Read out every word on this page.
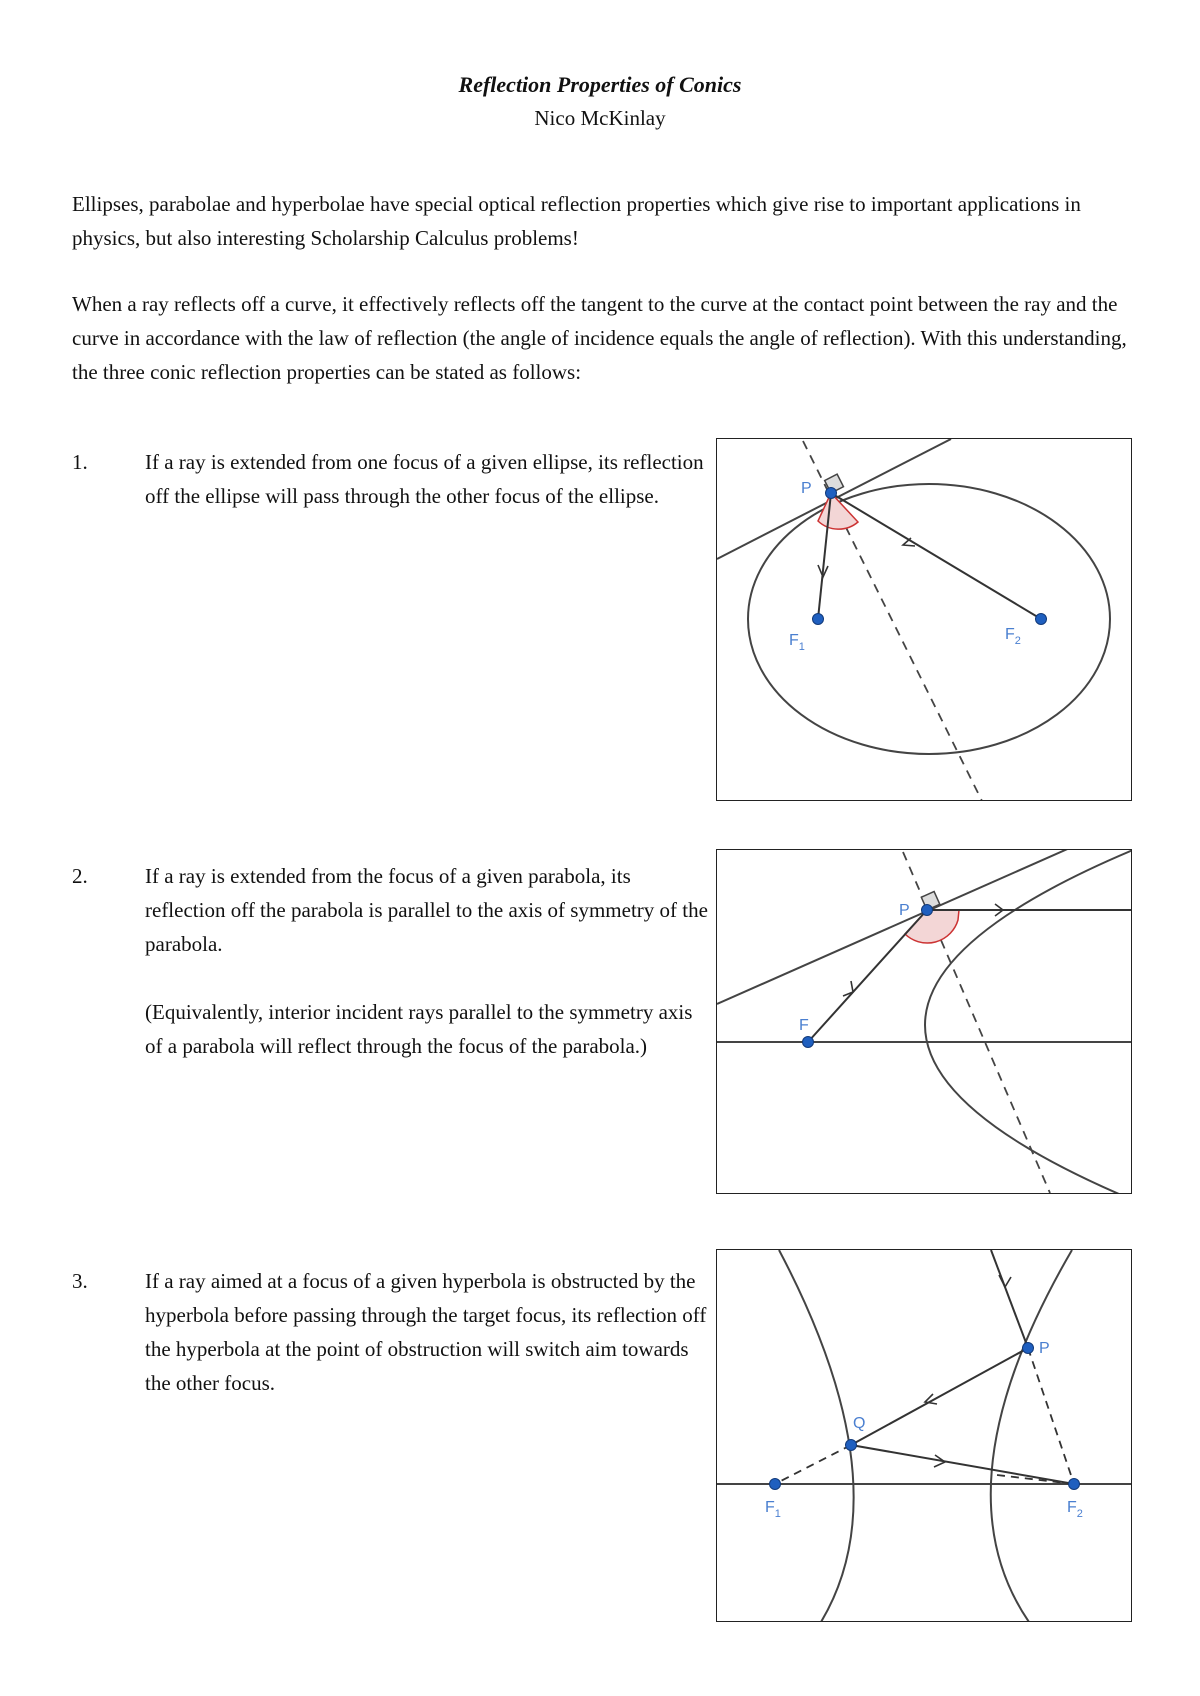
Reflection Properties of Conics
Nico McKinlay

Ellipses, parabolae and hyperbolae have special optical reflection properties which give rise to important applications in physics, but also interesting Scholarship Calculus problems!

When a ray reflects off a curve, it effectively reflects off the tangent to the curve at the contact point between the ray and the curve in accordance with the law of reflection (the angle of incidence equals the angle of reflection). With this understanding, the three conic reflection properties can be stated as follows:

1.	If a ray is extended from one focus of a given ellipse, its reflection off the ellipse will pass through the other focus of the ellipse.	P
$F_1$
$F_2$
2.	If a ray is extended from the focus of a given parabola, its reflection off the parabola is parallel to the axis of symmetry of the parabola.

(Equivalently, interior incident rays parallel to the symmetry axis of a parabola will reflect through the focus of the parabola.)

P
F
3.	If a ray aimed at a focus of a given hyperbola is obstructed by the hyperbola before passing through the target focus, its reflection off the hyperbola at the point of obstruction will switch aim towards the other focus.

P
Q
$F_1$	$F_2$
